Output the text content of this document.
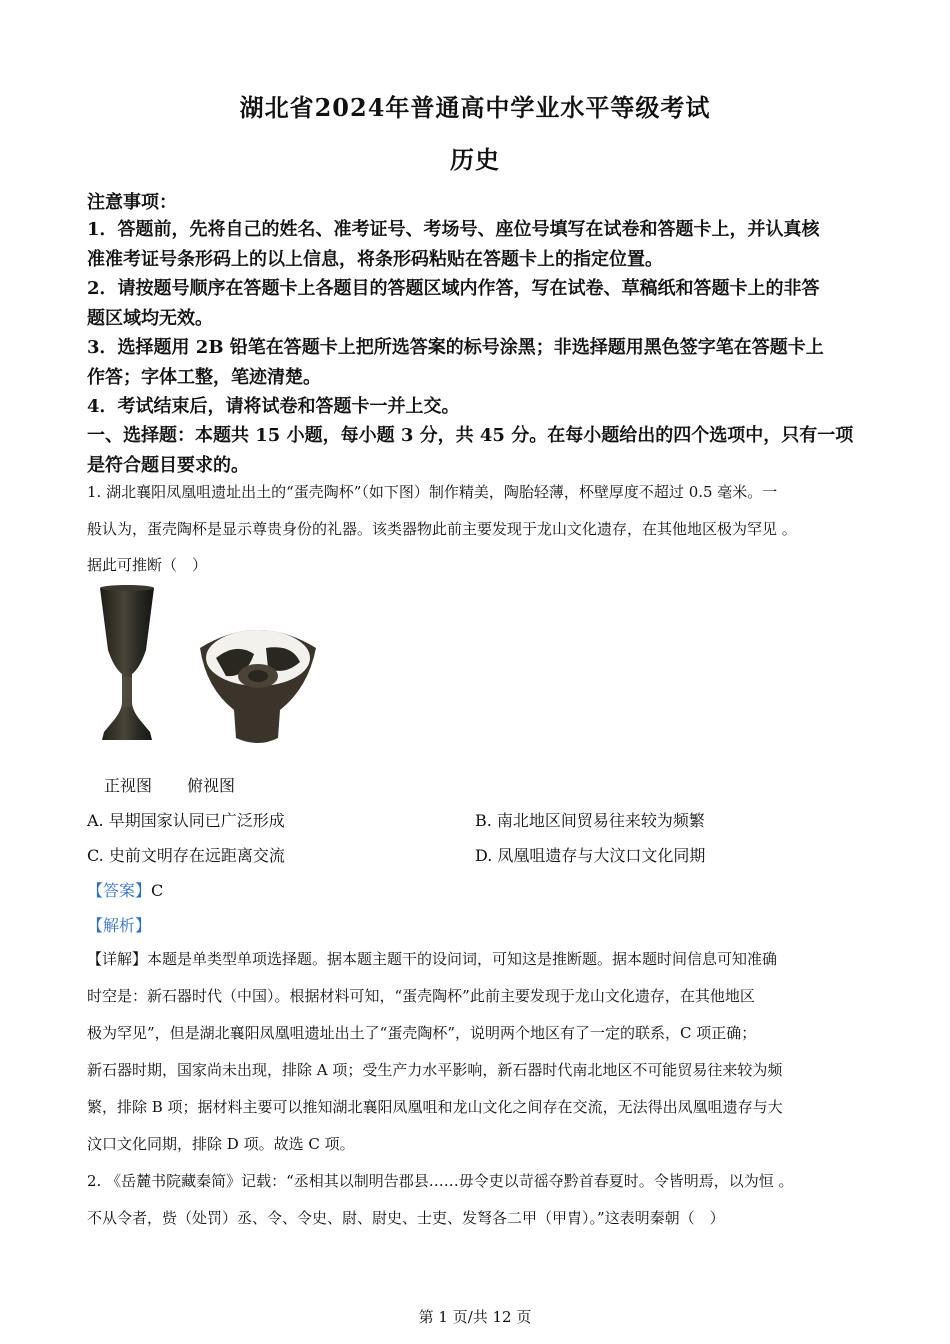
湖北省2024年普通高中学业水平等级考试
历史
注意事项：
1．答题前，先将自己的姓名、准考证号、考场号、座位号填写在试卷和答题卡上，并认真核
准准考证号条形码上的以上信息，将条形码粘贴在答题卡上的指定位置。
2．请按题号顺序在答题卡上各题目的答题区域内作答，写在试卷、草稿纸和答题卡上的非答
题区域均无效。
3．选择题用 2B 铅笔在答题卡上把所选答案的标号涂黑；非选择题用黑色签字笔在答题卡上
作答；字体工整，笔迹清楚。
4．考试结束后，请将试卷和答题卡一并上交。
一、选择题：本题共 15 小题，每小题 3 分，共 45 分。在每小题给出的四个选项中，只有一项
是符合题目要求的。
1. 湖北襄阳凤凰咀遗址出土的“蛋壳陶杯”（如下图）制作精美，陶胎轻薄，杯壁厚度不超过 0.5 毫米。一
般认为，蛋壳陶杯是显示尊贵身份的礼器。该类器物此前主要发现于龙山文化遗存，在其他地区极为罕见 。
据此可推断（　）
正视图 俯视图
A. 早期国家认同已广泛形成	B. 南北地区间贸易往来较为频繁
C. 史前文明存在远距离交流	D. 凤凰咀遗存与大汶口文化同期
【答案】C
【解析】
【详解】本题是单类型单项选择题。据本题主题干的设问词，可知这是推断题。据本题时间信息可知准确
时空是：新石器时代（中国）。根据材料可知，“蛋壳陶杯”此前主要发现于龙山文化遗存，在其他地区
极为罕见”，但是湖北襄阳凤凰咀遗址出土了“蛋壳陶杯”，说明两个地区有了一定的联系，C 项正确；
新石器时期，国家尚未出现，排除 A 项；受生产力水平影响，新石器时代南北地区不可能贸易往来较为频
繁，排除 B 项；据材料主要可以推知湖北襄阳凤凰咀和龙山文化之间存在交流，无法得出凤凰咀遗存与大
汶口文化同期，排除 D 项。故选 C 项。
2. 《岳麓书院藏秦简》记载：“丞相其以制明告郡县……毋令吏以苛徭夺黔首春夏时。令皆明焉，以为恒 。
不从令者，赀（处罚）丞、令、令史、尉、尉史、士吏、发弩各二甲（甲胄）。”这表明秦朝（　）
第 1 页/共 12 页
